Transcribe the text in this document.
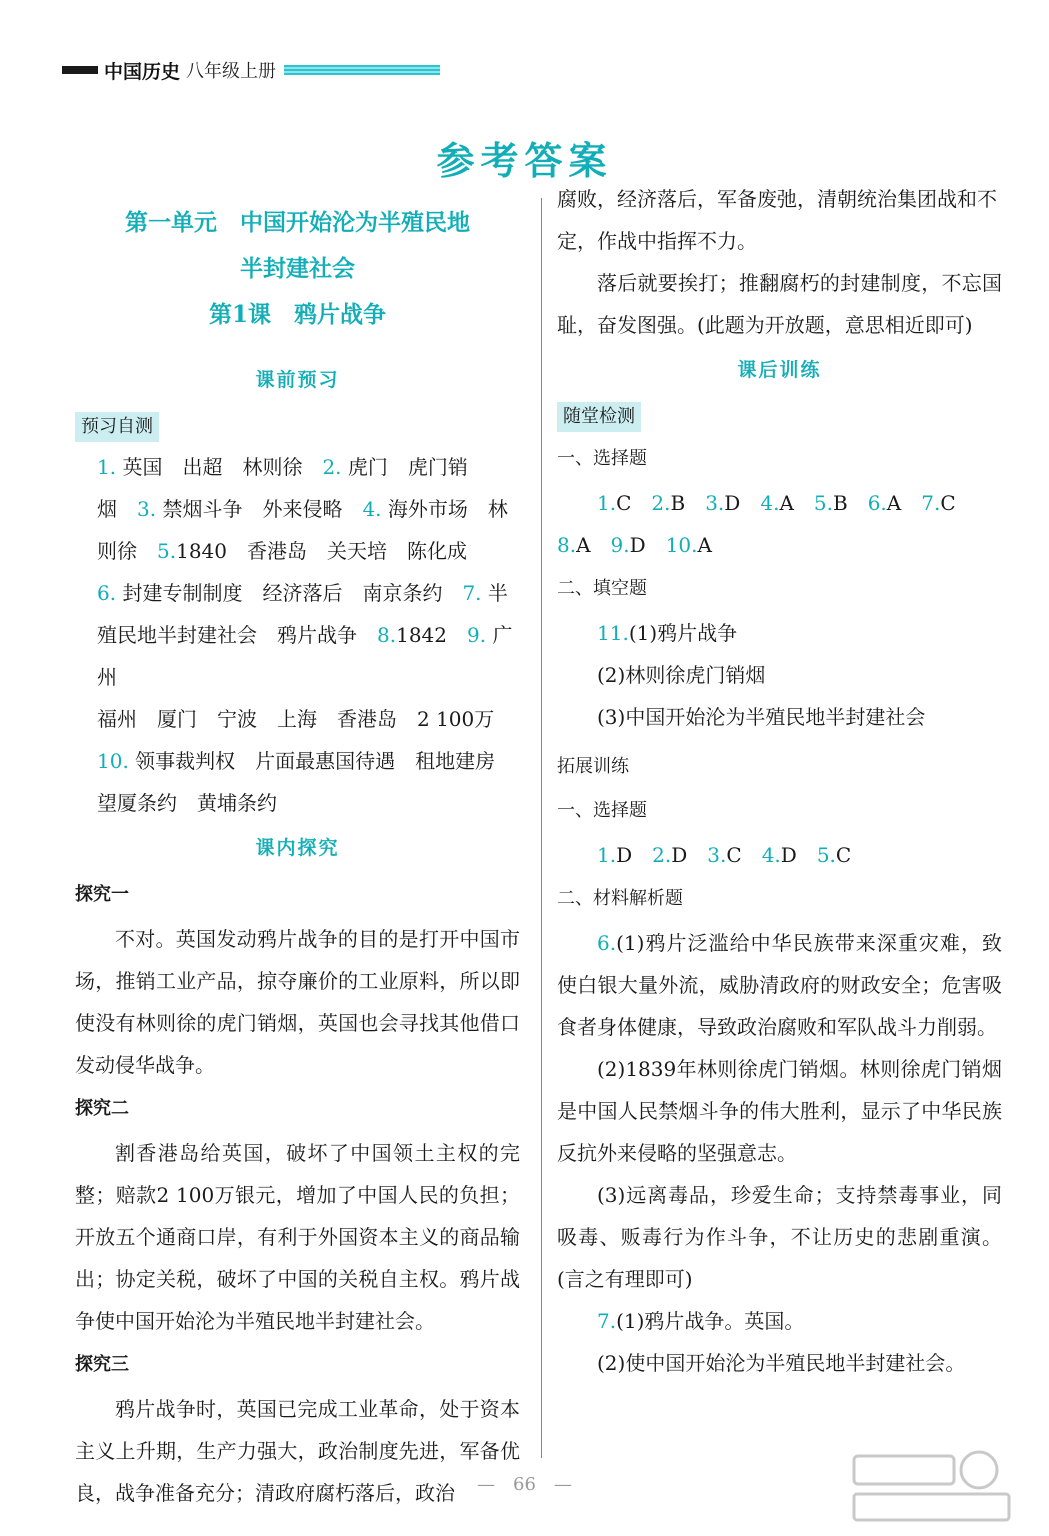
中国历史 八年级上册
参考答案
第一单元　中国开始沦为半殖民地
半封建社会
第1课　鸦片战争
课前预习
预习自测

1. 英国　出超　林则徐　2. 虎门　虎门销

烟　3. 禁烟斗争　外来侵略　4. 海外市场　林

则徐　5.1840　香港岛　关天培　陈化成

6. 封建专制制度　经济落后　南京条约　7. 半

殖民地半封建社会　鸦片战争　8.1842　9. 广州

福州　厦门　宁波　上海　香港岛　2 100万

10. 领事裁判权　片面最惠国待遇　租地建房

望厦条约　黄埔条约

课内探究

探究一

不对。英国发动鸦片战争的目的是打开中国市场，推销工业产品，掠夺廉价的工业原料，所以即使没有林则徐的虎门销烟，英国也会寻找其他借口发动侵华战争。

探究二

割香港岛给英国，破坏了中国领土主权的完整；赔款2 100万银元，增加了中国人民的负担；开放五个通商口岸，有利于外国资本主义的商品输出；协定关税，破坏了中国的关税自主权。鸦片战争使中国开始沦为半殖民地半封建社会。

探究三

鸦片战争时，英国已完成工业革命，处于资本主义上升期，生产力强大，政治制度先进，军备优良，战争准备充分；清政府腐朽落后，政治

腐败，经济落后，军备废弛，清朝统治集团战和不定，作战中指挥不力。

落后就要挨打；推翻腐朽的封建制度，不忘国耻，奋发图强。(此题为开放题，意思相近即可)

课后训练
随堂检测

一、选择题

1.C　2.B　3.D　4.A　5.B　6.A　7.C

8.A　9.D　10.A

二、填空题

11.(1)鸦片战争

(2)林则徐虎门销烟

(3)中国开始沦为半殖民地半封建社会

拓展训练

一、选择题

1.D　2.D　3.C　4.D　5.C

二、材料解析题

6.(1)鸦片泛滥给中华民族带来深重灾难，致使白银大量外流，威胁清政府的财政安全；危害吸食者身体健康，导致政治腐败和军队战斗力削弱。

(2)1839年林则徐虎门销烟。林则徐虎门销烟是中国人民禁烟斗争的伟大胜利，显示了中华民族反抗外来侵略的坚强意志。

(3)远离毒品，珍爱生命；支持禁毒事业，同吸毒、贩毒行为作斗争，不让历史的悲剧重演。(言之有理即可)

7.(1)鸦片战争。英国。

(2)使中国开始沦为半殖民地半封建社会。

—　66　—
